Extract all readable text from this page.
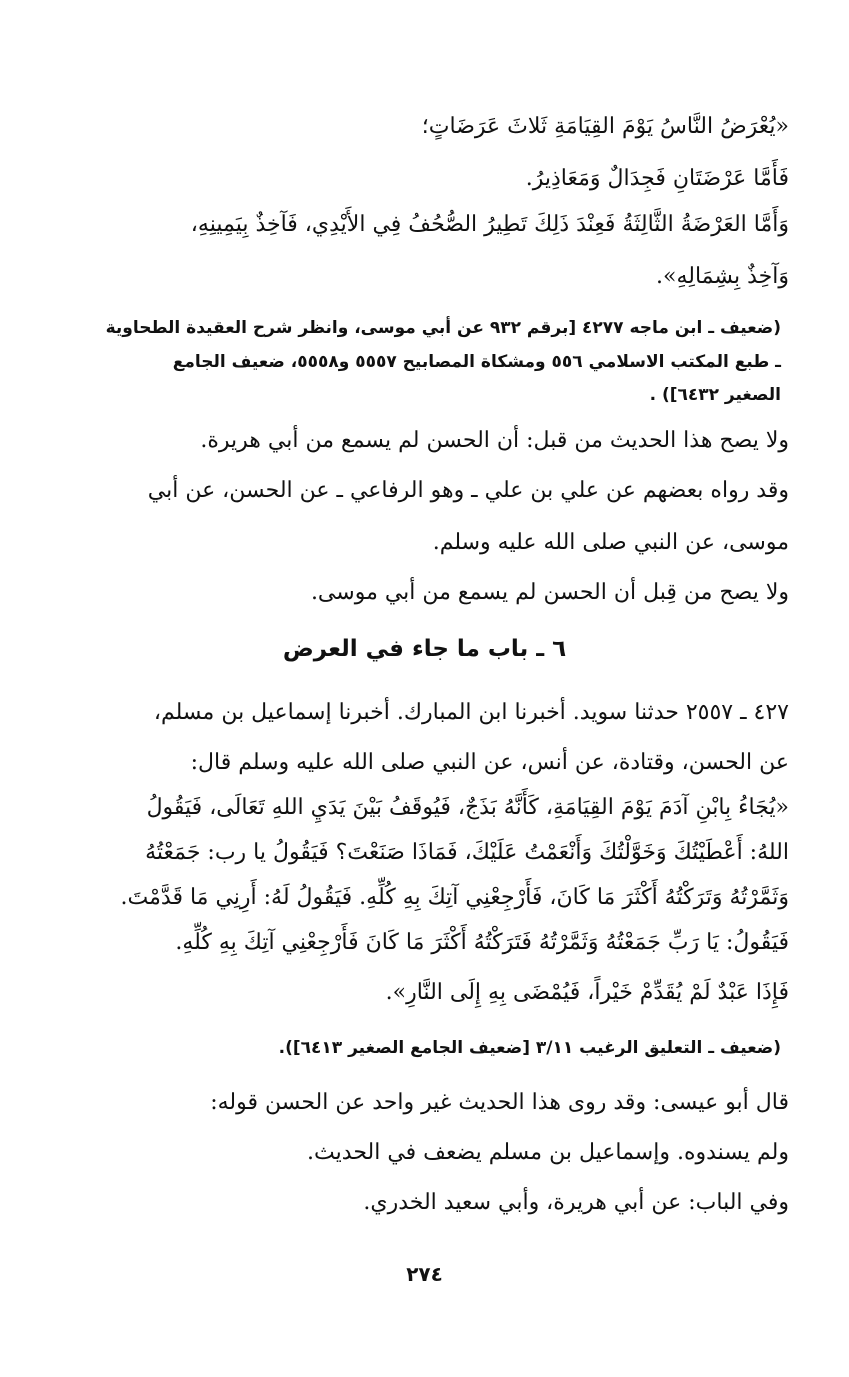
«يُعْرَضُ النَّاسُ يَوْمَ القِيَامَةِ ثَلاثَ عَرَضَاتٍ؛
فَأَمَّا عَرْضَتَانِ فَجِدَالٌ وَمَعَاذِيرُ.
وَأَمَّا العَرْضَةُ الثَّالِثَةُ فَعِنْدَ ذَلِكَ تَطِيرُ الصُّحُفُ فِي الأَيْدِي، فَآخِذٌ بِيَمِينِهِ،
وَآخِذٌ بِشِمَالِهِ».
(ضعيف ـ ابن ماجه ٤٢٧٧ [برقم ٩٣٢ عن أبي موسى، وانظر شرح العقيدة الطحاوية
ـ طبع المكتب الاسلامي ٥٥٦ ومشكاة المصابيح ٥٥٥٧ و٥٥٥٨، ضعيف الجامع
الصغير ٦٤٣٢]) .
ولا يصح هذا الحديث من قبل: أن الحسن لم يسمع من أبي هريرة.
وقد رواه بعضهم عن علي بن علي ـ وهو الرفاعي ـ عن الحسن، عن أبي
موسى، عن النبي صلى الله عليه وسلم.
ولا يصح من قِبل أن الحسن لم يسمع من أبي موسى.
٦ ـ باب ما جاء في العرض
٤٢٧ ـ ٢٥٥٧ حدثنا سويد. أخبرنا ابن المبارك. أخبرنا إسماعيل بن مسلم،
عن الحسن، وقتادة، عن أنس، عن النبي صلى الله عليه وسلم قال:
«يُجَاءُ بِابْنِ آدَمَ يَوْمَ القِيَامَةِ، كَأَنَّهُ بَذَجٌ، فَيُوقَفُ بَيْنَ يَدَيِ اللهِ تَعَالَى، فَيَقُولُ
اللهُ: أَعْطَيْتُكَ وَخَوَّلْتُكَ وَأَنْعَمْتُ عَلَيْكَ، فَمَاذَا صَنَعْتَ؟ فَيَقُولُ يا رب: جَمَعْتُهُ
وَثَمَّرْتُهُ وَتَرَكْتُهُ أَكْثَرَ مَا كَانَ، فَأَرْجِعْنِي آتِكَ بِهِ كُلِّهِ. فَيَقُولُ لَهُ: أَرِنِي مَا قَدَّمْتَ.
فَيَقُولُ: يَا رَبِّ جَمَعْتُهُ وَثَمَّرْتُهُ فَتَرَكْتُهُ أَكْثَرَ مَا كَانَ فَأَرْجِعْنِي آتِكَ بِهِ كُلِّهِ.
فَإِذَا عَبْدٌ لَمْ يُقَدِّمْ خَيْراً، فَيُمْضَى بِهِ إِلَى النَّارِ».
(ضعيف ـ التعليق الرغيب ٣/١١ [ضعيف الجامع الصغير ٦٤١٣]).
قال أبو عيسى: وقد روى هذا الحديث غير واحد عن الحسن قوله:
ولم يسندوه. وإسماعيل بن مسلم يضعف في الحديث.
وفي الباب: عن أبي هريرة، وأبي سعيد الخدري.
٢٧٤
